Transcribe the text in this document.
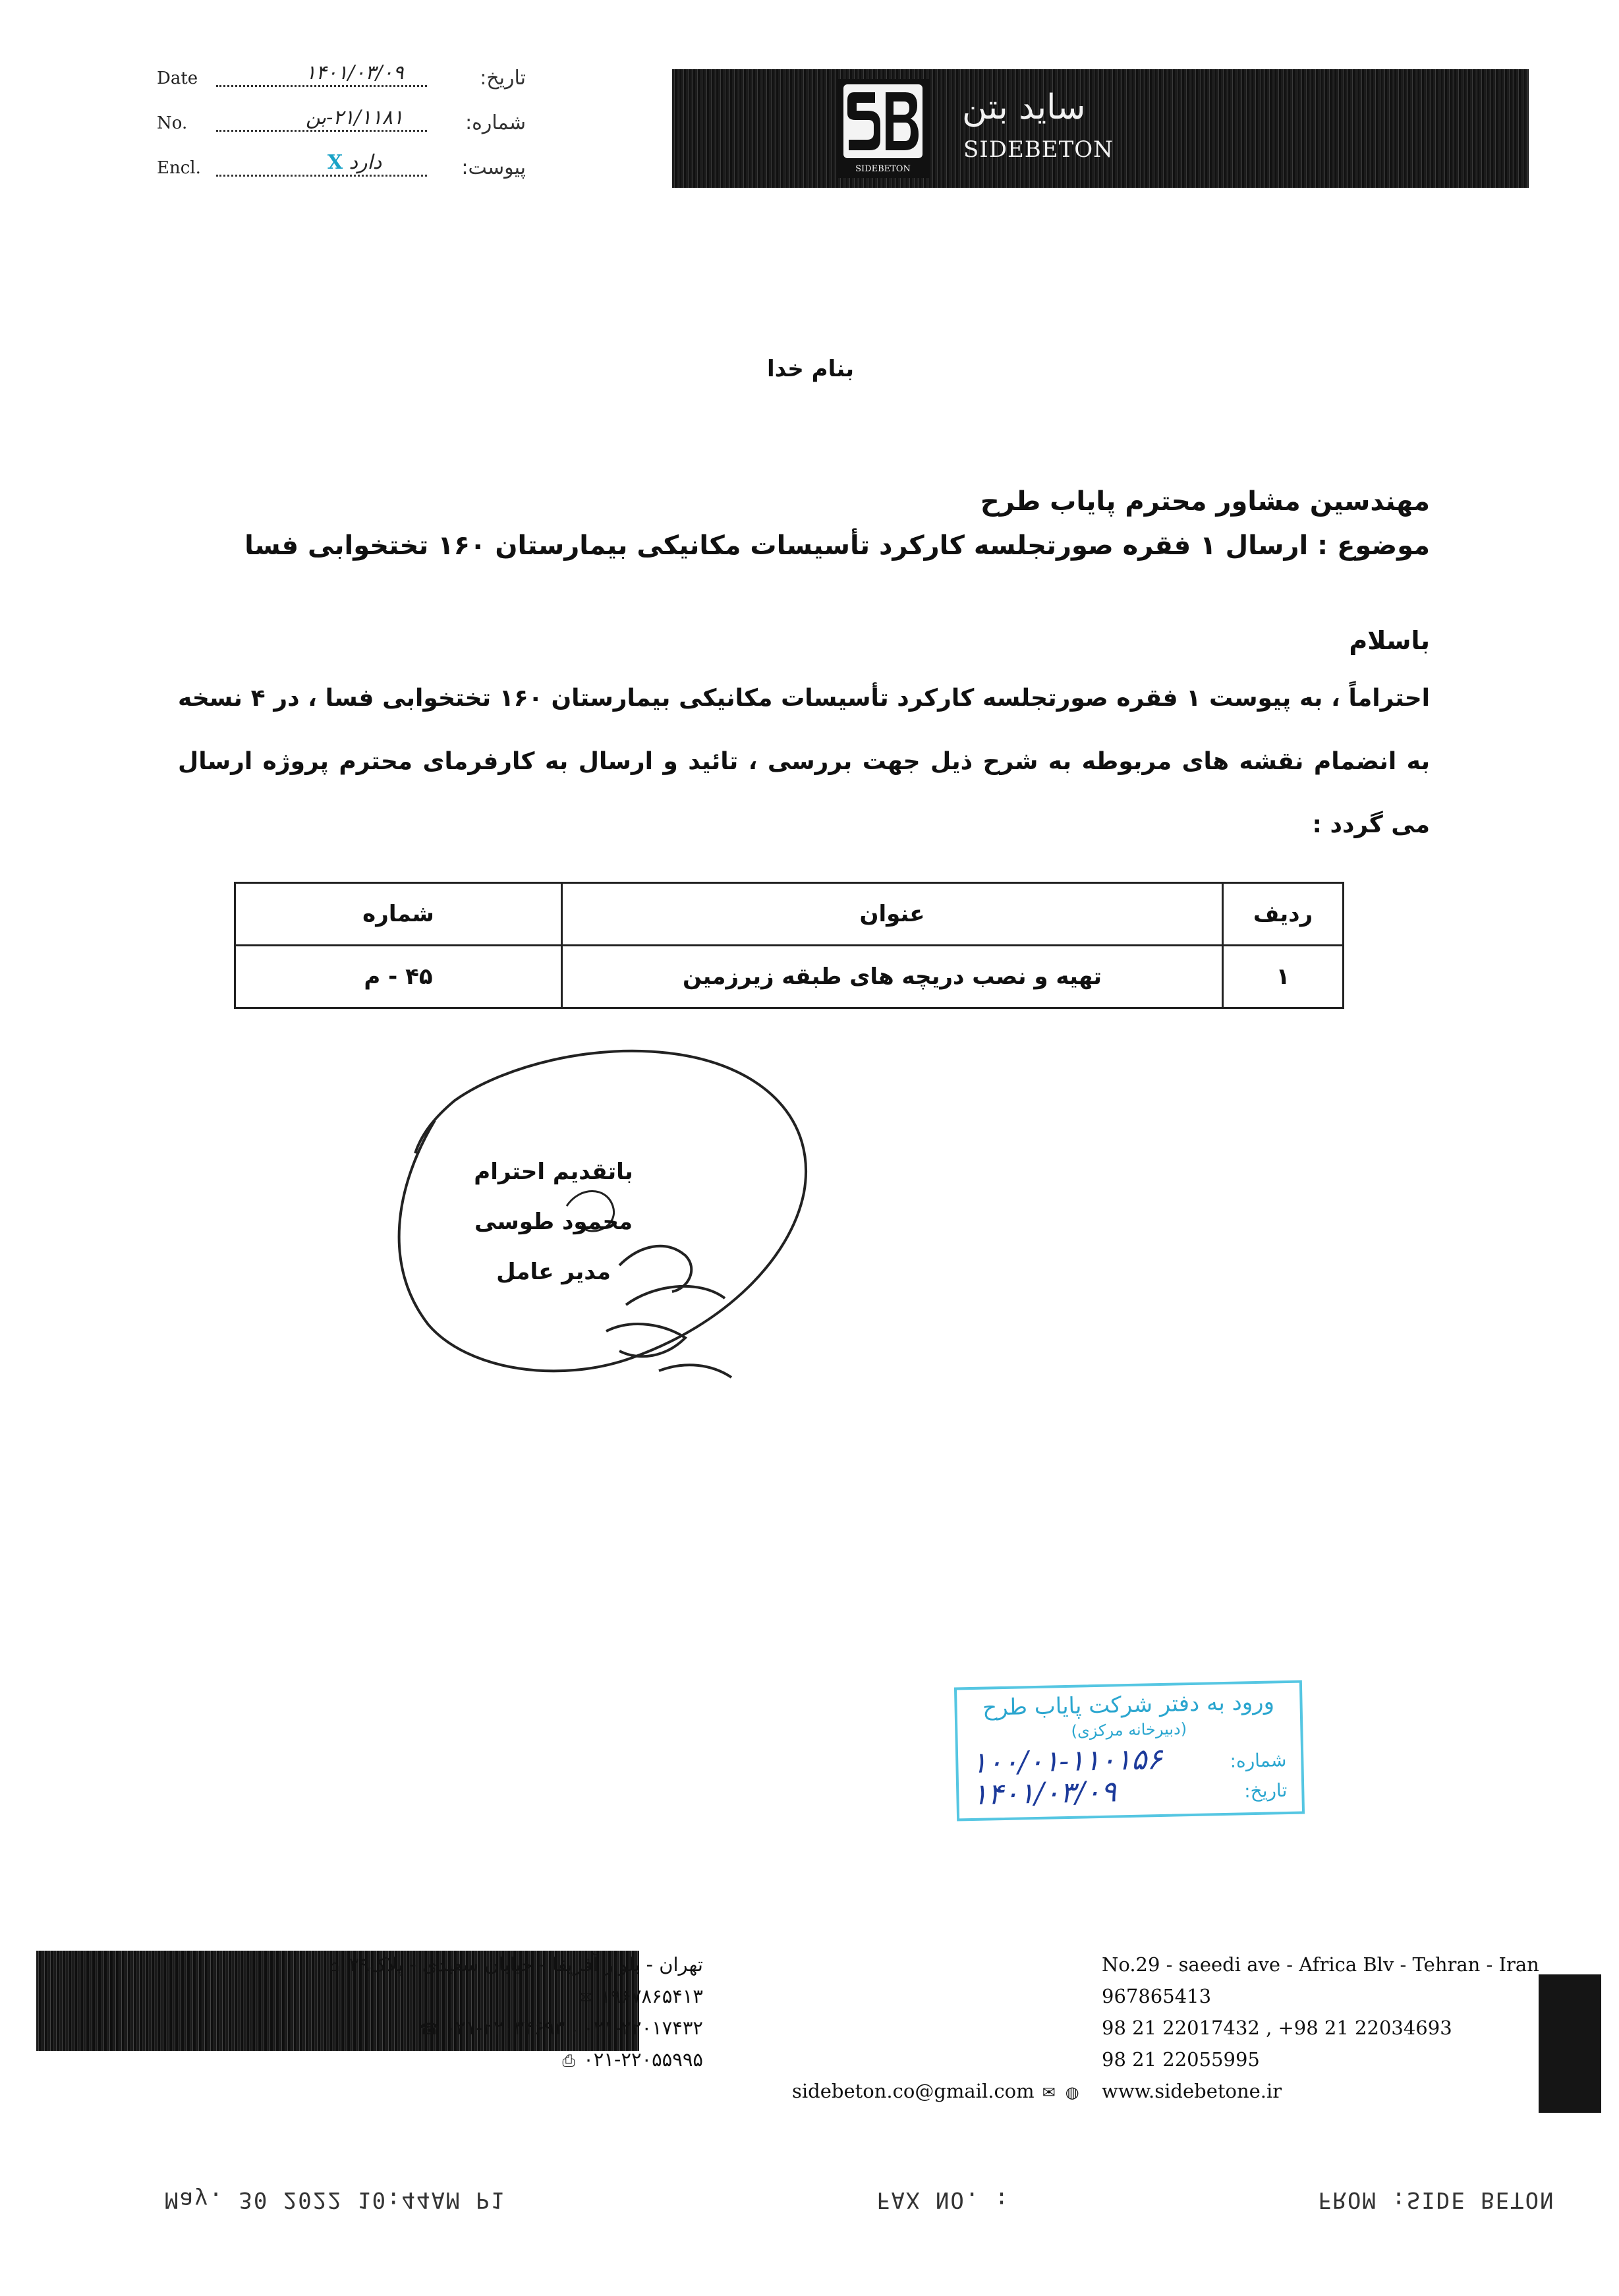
Date	۱۴۰۱/۰۳/۰۹	تاریخ:
No.	۲۱/۱۱۸۱-بن	شماره:
Encl.	دارد X	پیوست:	SIDEBETON
ساید بتن
SIDEBETON
بنام خدا
مهندسین مشاور محترم پایاب طرح
موضوع : ارسال ۱ فقره صورتجلسه کارکرد تأسیسات مکانیکی بیمارستان ۱۶۰ تختخوابی فسا
باسلام
احتراماً ، به پیوست ۱ فقره صورتجلسه کارکرد تأسیسات مکانیکی بیمارستان ۱۶۰ تختخوابی فسا ، در ۴ نسخه به انضمام نقشه های مربوطه به شرح ذیل جهت بررسی ، تائید و ارسال به کارفرمای محترم پروژه ارسال می گردد :
ردیف	عنوان	شماره
۱	تهیه و نصب دریچه های طبقه زیرزمین	۴۵ - م
باتقدیم احترام
محمود طوسی
مدیر عامل
ورود به دفتر شرکت پایاب طرح
(دبیرخانه مرکزی)
شماره:
۱۰۰/۰۱-۱۱۰۱۵۶
تاریخ:
۱۴۰۱/۰۳/۰۹
تهران - بلوار آفریقا - خیابان سعیدی - پلاک۲۹ ⌂
۱۹۶۷۸۶۵۴۱۳ ✉
۰۲۱-۲۲۰۱۷۴۳۲ ، ۰۲۱-۲۲۰۳۴۶۹۳ ☎
۰۲۱-۲۲۰۵۵۹۹۵ ⎙
sidebeton.co@gmail.com ✉ ◍
No.29 - saeedi ave - Africa Blv - Tehran - Iran
967865413
98 21 22017432 , +98 21 22034693
98 21 22055995
www.sidebetone.ir
FROM :SIDE BETON
FAX NO. :
May. 30 2022 10:44AM P1
